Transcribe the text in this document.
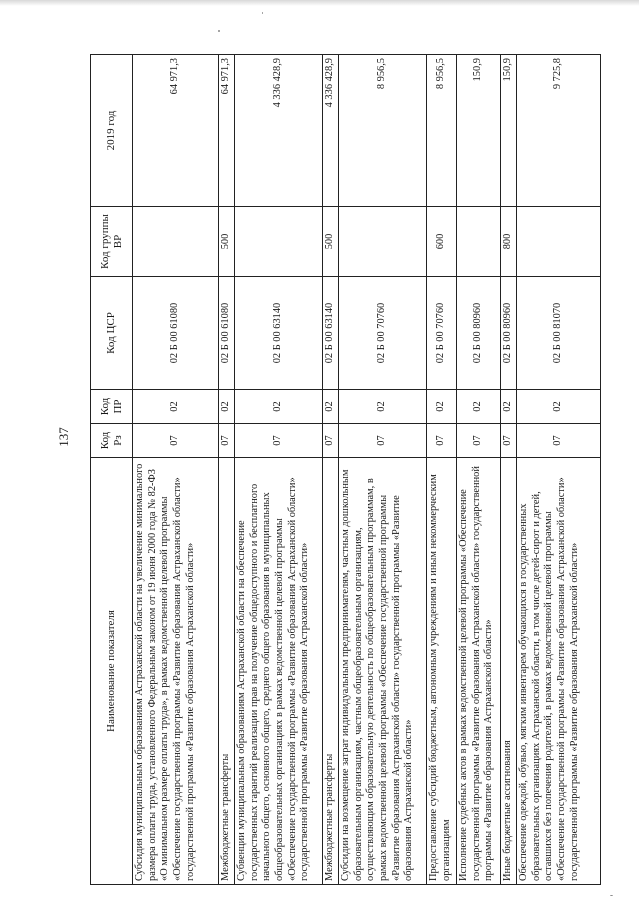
137
Наименование показателя	Код Рз	Код ПР	Код ЦСР	Код группы ВР	2019 год
Субсидия муниципальным образованиям Астраханской области на увеличение минимального размера оплаты труда, установленного Федеральным законом от 19 июня 2000 года № 82-ФЗ «О минимальном размере оплаты труда», в рамках ведомственной целевой программы «Обеспечение государственной программы «Развитие образования Астраханской области» государственной программы «Развитие образования Астраханской области»	07	02	02 Б 00 61080		64 971,3
Межбюджетные трансферты	07	02	02 Б 00 61080	500	64 971,3
Субвенции муниципальным образованиям Астраханской области на обеспечение государственных гарантий реализации прав на получение общедоступного и бесплатного начального общего, основного общего, среднего общего образования в муниципальных общеобразовательных организациях в рамках ведомственной целевой программы «Обеспечение государственной программы «Развитие образования Астраханской области» государственной программы «Развитие образования Астраханской области»	07	02	02 Б 00 63140		4 336 428,9
Межбюджетные трансферты	07	02	02 Б 00 63140	500	4 336 428,9
Субсидии на возмещение затрат индивидуальным предпринимателям, частным дошкольным образовательным организациям, частным общеобразовательным организациям, осуществляющим образовательную деятельность по общеобразовательным программам, в рамках ведомственной целевой программы «Обеспечение государственной программы «Развитие образования Астраханской области» государственной программы «Развитие образования Астраханской области»	07	02	02 Б 00 70760		8 956,5
Предоставление субсидий бюджетным, автономным учреждениям и иным некоммерческим организациям	07	02	02 Б 00 70760	600	8 956,5
Исполнение судебных актов в рамках ведомственной целевой программы «Обеспечение государственной программы «Развитие образования Астраханской области» государственной программы «Развитие образования Астраханской области»	07	02	02 Б 00 80960		150,9
Иные бюджетные ассигнования	07	02	02 Б 00 80960	800	150,9
Обеспечение одеждой, обувью, мягким инвентарем обучающихся в государственных образовательных организациях Астраханской области, в том числе детей-сирот и детей, оставшихся без попечения родителей, в рамках ведомственной целевой программы «Обеспечение государственной программы «Развитие образования Астраханской области» государственной программы «Развитие образования Астраханской области»	07	02	02 Б 00 81070		9 725,8
